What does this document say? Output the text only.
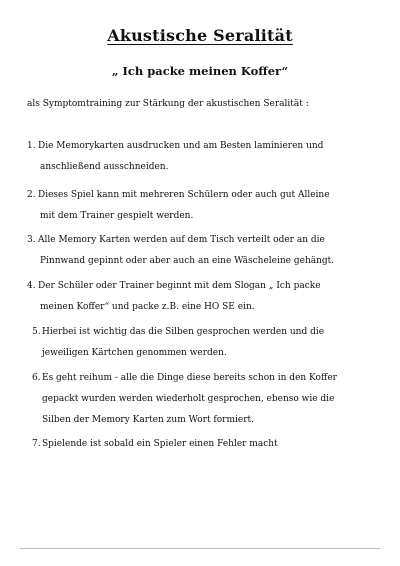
Akustische Seralität
„ Ich packe meinen Koffer“
als Symptomtraining zur Stärkung der akustischen Seralität :
1. Die Memorykarten ausdrucken und am Besten laminieren und
anschließend ausschneiden.
2. Dieses Spiel kann mit mehreren Schülern oder auch gut Alleine
mit dem Trainer gespielt werden.
3. Alle Memory Karten werden auf dem Tisch verteilt oder an die
Pinnwand gepinnt oder aber auch an eine Wäscheleine gehängt.
4. Der Schüler oder Trainer beginnt mit dem Slogan „ Ich packe
meinen Koffer“ und packe z.B. eine HO SE ein.
5. Hierbei ist wichtig das die Silben gesprochen werden und die
jeweiligen Kärtchen genommen werden.
6. Es geht reihum - alle die Dinge diese bereits schon in den Koffer
gepackt wurden werden wiederholt gesprochen, ebenso wie die
Silben der Memory Karten zum Wort formiert.
7. Spielende ist sobald ein Spieler einen Fehler macht
